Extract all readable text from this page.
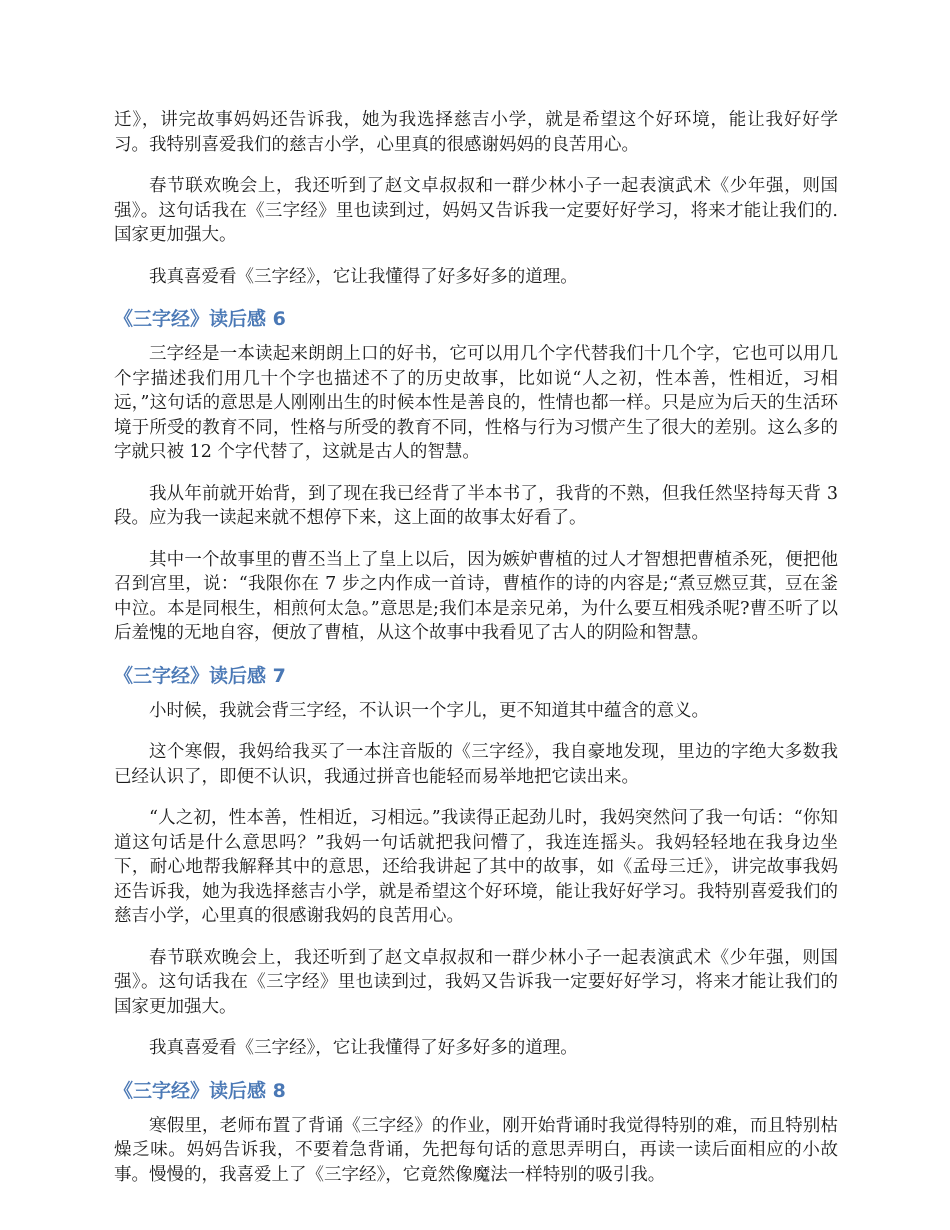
迁》，讲完故事妈妈还告诉我，她为我选择慈吉小学，就是希望这个好环境，能让我好好学习。我特别喜爱我们的慈吉小学，心里真的很感谢妈妈的良苦用心。

春节联欢晚会上，我还听到了赵文卓叔叔和一群少林小子一起表演武术《少年强，则国强》。这句话我在《三字经》里也读到过，妈妈又告诉我一定要好好学习，将来才能让我们的.国家更加强大。

我真喜爱看《三字经》，它让我懂得了好多好多的道理。

《三字经》读后感 6

三字经是一本读起来朗朗上口的好书，它可以用几个字代替我们十几个字，它也可以用几个字描述我们用几十个字也描述不了的历史故事，比如说“人之初，性本善，性相近，习相远，”这句话的意思是人刚刚出生的时候本性是善良的，性情也都一样。只是应为后天的生活环境于所受的教育不同，性格与所受的教育不同，性格与行为习惯产生了很大的差别。这么多的字就只被 12 个字代替了，这就是古人的智慧。

我从年前就开始背，到了现在我已经背了半本书了，我背的不熟，但我任然坚持每天背 3 段。应为我一读起来就不想停下来，这上面的故事太好看了。

其中一个故事里的曹丕当上了皇上以后，因为嫉妒曹植的过人才智想把曹植杀死，便把他召到宫里，说：“我限你在 7 步之内作成一首诗，曹植作的诗的内容是;“煮豆燃豆萁，豆在釜中泣。本是同根生，相煎何太急。”意思是;我们本是亲兄弟，为什么要互相残杀呢?曹丕听了以后羞愧的无地自容，便放了曹植，从这个故事中我看见了古人的阴险和智慧。

《三字经》读后感 7

小时候，我就会背三字经，不认识一个字儿，更不知道其中蕴含的意义。

这个寒假，我妈给我买了一本注音版的《三字经》，我自豪地发现，里边的字绝大多数我已经认识了，即便不认识，我通过拼音也能轻而易举地把它读出来。

“人之初，性本善，性相近，习相远。”我读得正起劲儿时，我妈突然问了我一句话：“你知道这句话是什么意思吗？”我妈一句话就把我问懵了，我连连摇头。我妈轻轻地在我身边坐下，耐心地帮我解释其中的意思，还给我讲起了其中的故事，如《孟母三迁》，讲完故事我妈还告诉我，她为我选择慈吉小学，就是希望这个好环境，能让我好好学习。我特别喜爱我们的慈吉小学，心里真的很感谢我妈的良苦用心。

春节联欢晚会上，我还听到了赵文卓叔叔和一群少林小子一起表演武术《少年强，则国强》。这句话我在《三字经》里也读到过，我妈又告诉我一定要好好学习，将来才能让我们的国家更加强大。

我真喜爱看《三字经》，它让我懂得了好多好多的道理。

《三字经》读后感 8

寒假里，老师布置了背诵《三字经》的作业，刚开始背诵时我觉得特别的难，而且特别枯燥乏味。妈妈告诉我，不要着急背诵，先把每句话的意思弄明白，再读一读后面相应的小故事。慢慢的，我喜爱上了《三字经》，它竟然像魔法一样特别的吸引我。
